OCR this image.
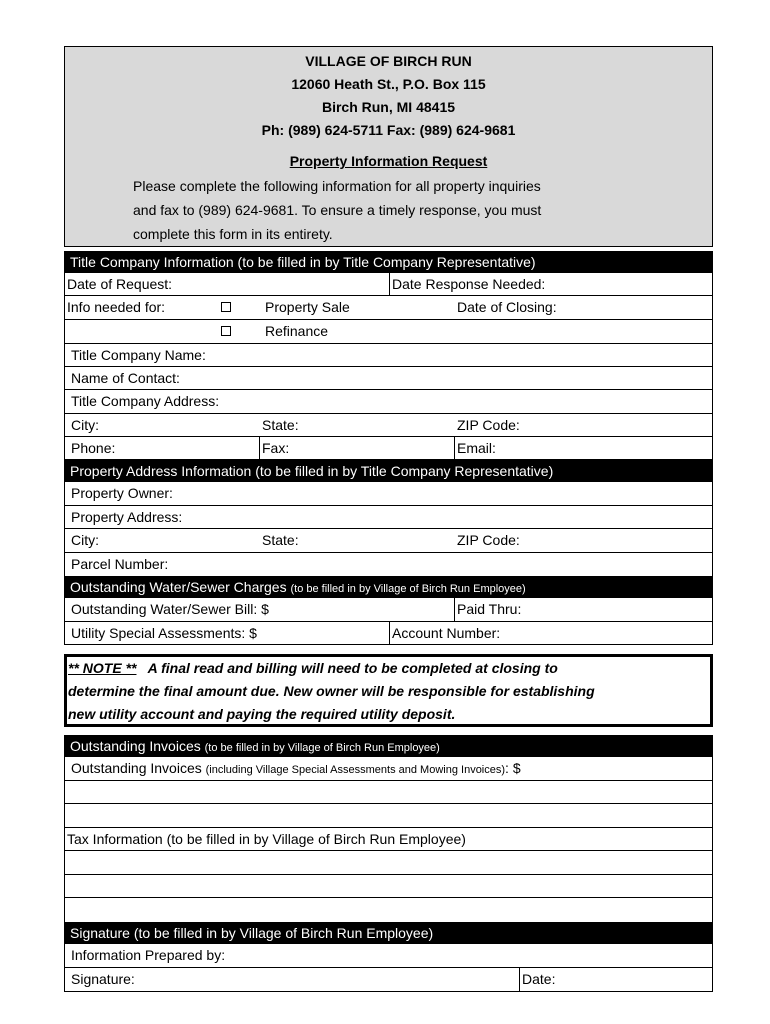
VILLAGE OF BIRCH RUN
12060 Heath St., P.O. Box 115
Birch Run, MI 48415
Ph: (989) 624-5711 Fax: (989) 624-9681
Property Information Request
Please complete the following information for all property inquiries
and fax to (989) 624-9681. To ensure a timely response, you must
complete this form in its entirety.
Title Company Information (to be filled in by Title Company Representative)
Date of Request:	Date Response Needed:
Info needed for:	Property Sale	Date of Closing:
Refinance
Title Company Name:
Name of Contact:
Title Company Address:
City:	State:	ZIP Code:
Phone:	Fax:	Email:
Property Address Information (to be filled in by Title Company Representative)
Property Owner:
Property Address:
City:	State:	ZIP Code:
Parcel Number:
Outstanding Water/Sewer Charges (to be filled in by Village of Birch Run Employee)
Outstanding Water/Sewer Bill: $	Paid Thru:
Utility Special Assessments: $	Account Number:
** NOTE **   A final read and billing will need to be completed at closing to
determine the final amount due. New owner will be responsible for establishing
new utility account and paying the required utility deposit.
Outstanding Invoices (to be filled in by Village of Birch Run Employee)
Outstanding Invoices (including Village Special Assessments and Mowing Invoices): $
Tax Information (to be filled in by Village of Birch Run Employee)
Signature (to be filled in by Village of Birch Run Employee)
Information Prepared by:
Signature:	Date:
